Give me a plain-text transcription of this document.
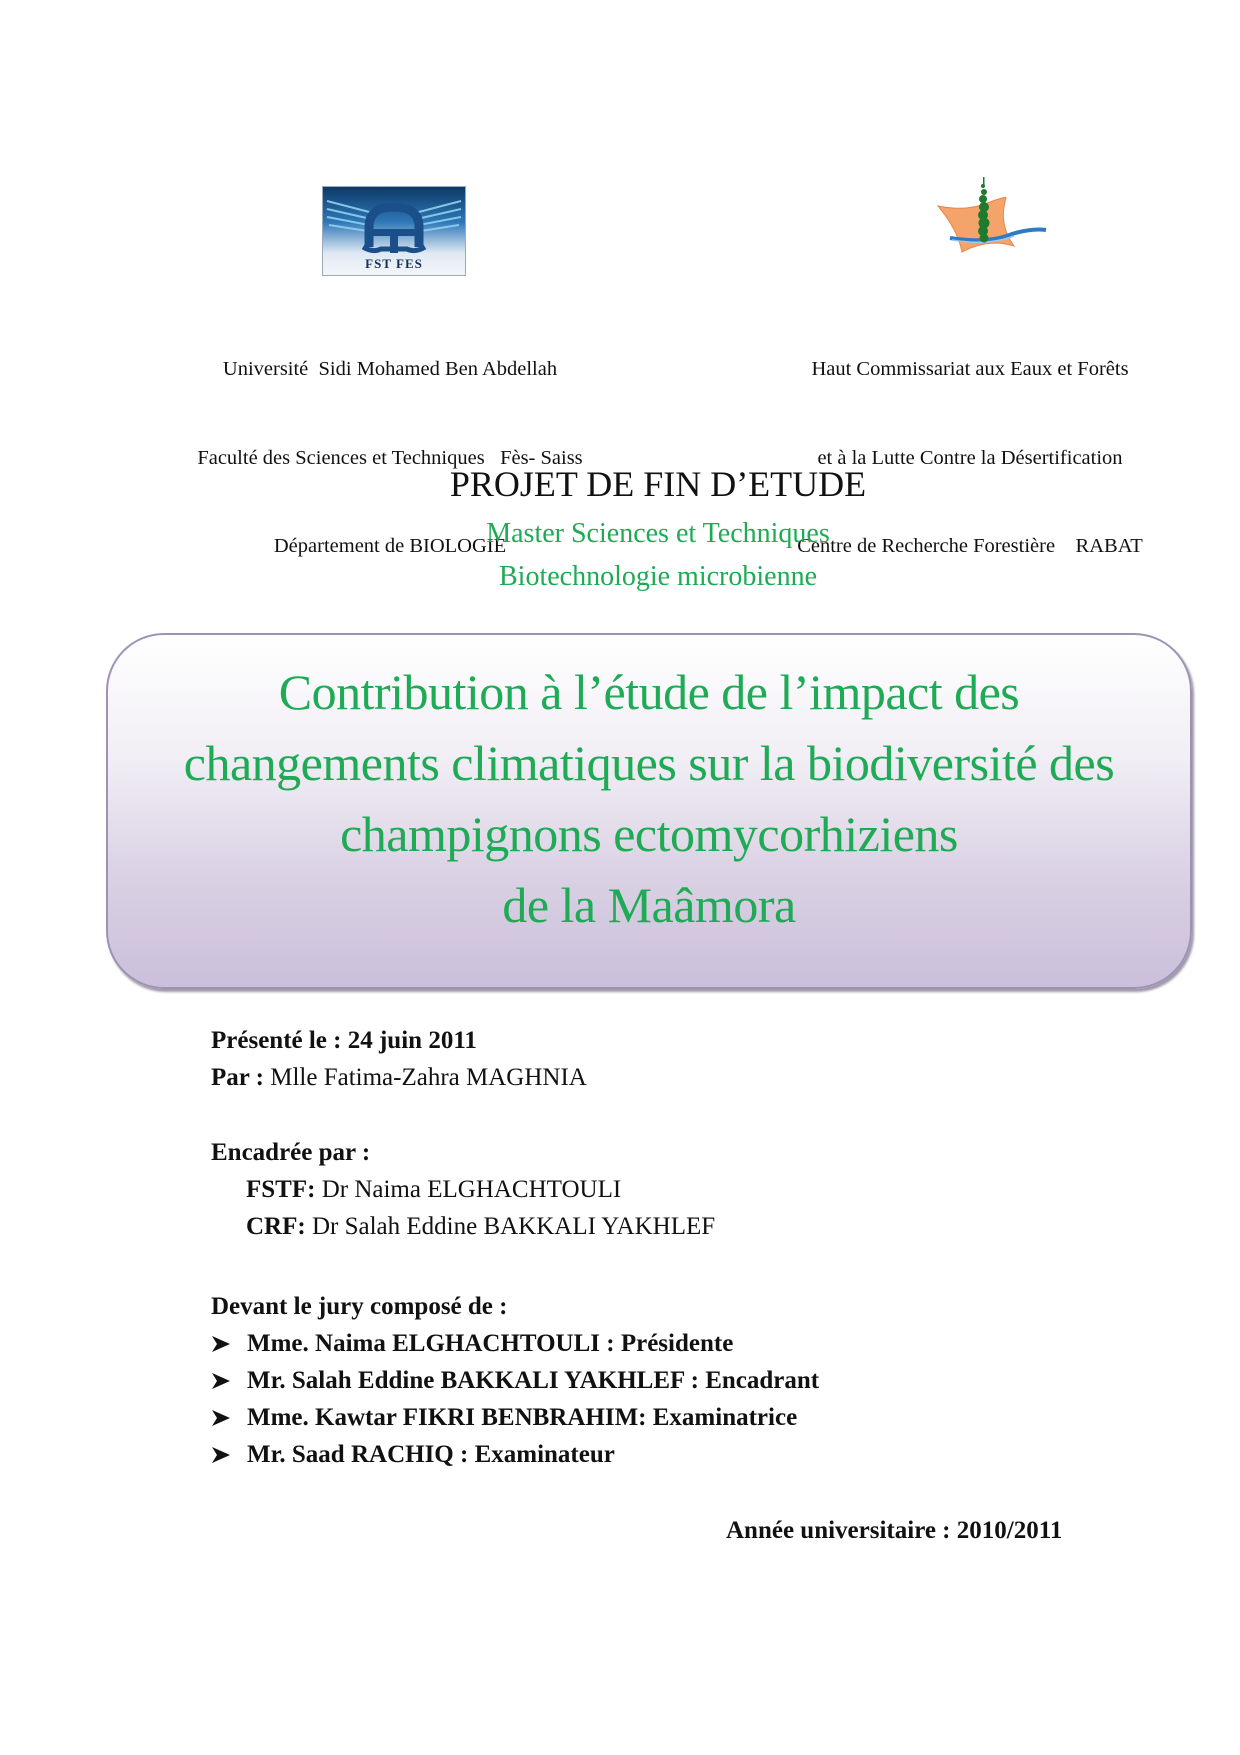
FST FES

Université  Sidi Mohamed Ben Abdellah

Faculté des Sciences et Techniques   Fès- Saiss

Département de BIOLOGIE

Haut Commissariat aux Eaux et Forêts

et à la Lutte Contre la Désertification

Centre de Recherche Forestière    RABAT

PROJET DE FIN D’ETUDE
Master Sciences et Techniques
Biotechnologie microbienne
Contribution à l’étude de l’impact des
changements climatiques sur la biodiversité des
champignons ectomycorhiziens
de la Maâmora
Présenté le : 24 juin 2011
Par : Mlle Fatima-Zahra MAGHNIA
Encadrée par :
FSTF: Dr Naima ELGHACHTOULI
CRF: Dr Salah Eddine BAKKALI YAKHLEF
Devant le jury composé de :
Mme. Naima ELGHACHTOULI : Présidente
Mr. Salah Eddine BAKKALI YAKHLEF : Encadrant
Mme. Kawtar FIKRI BENBRAHIM: Examinatrice
Mr. Saad RACHIQ : Examinateur
Année universitaire : 2010/2011
